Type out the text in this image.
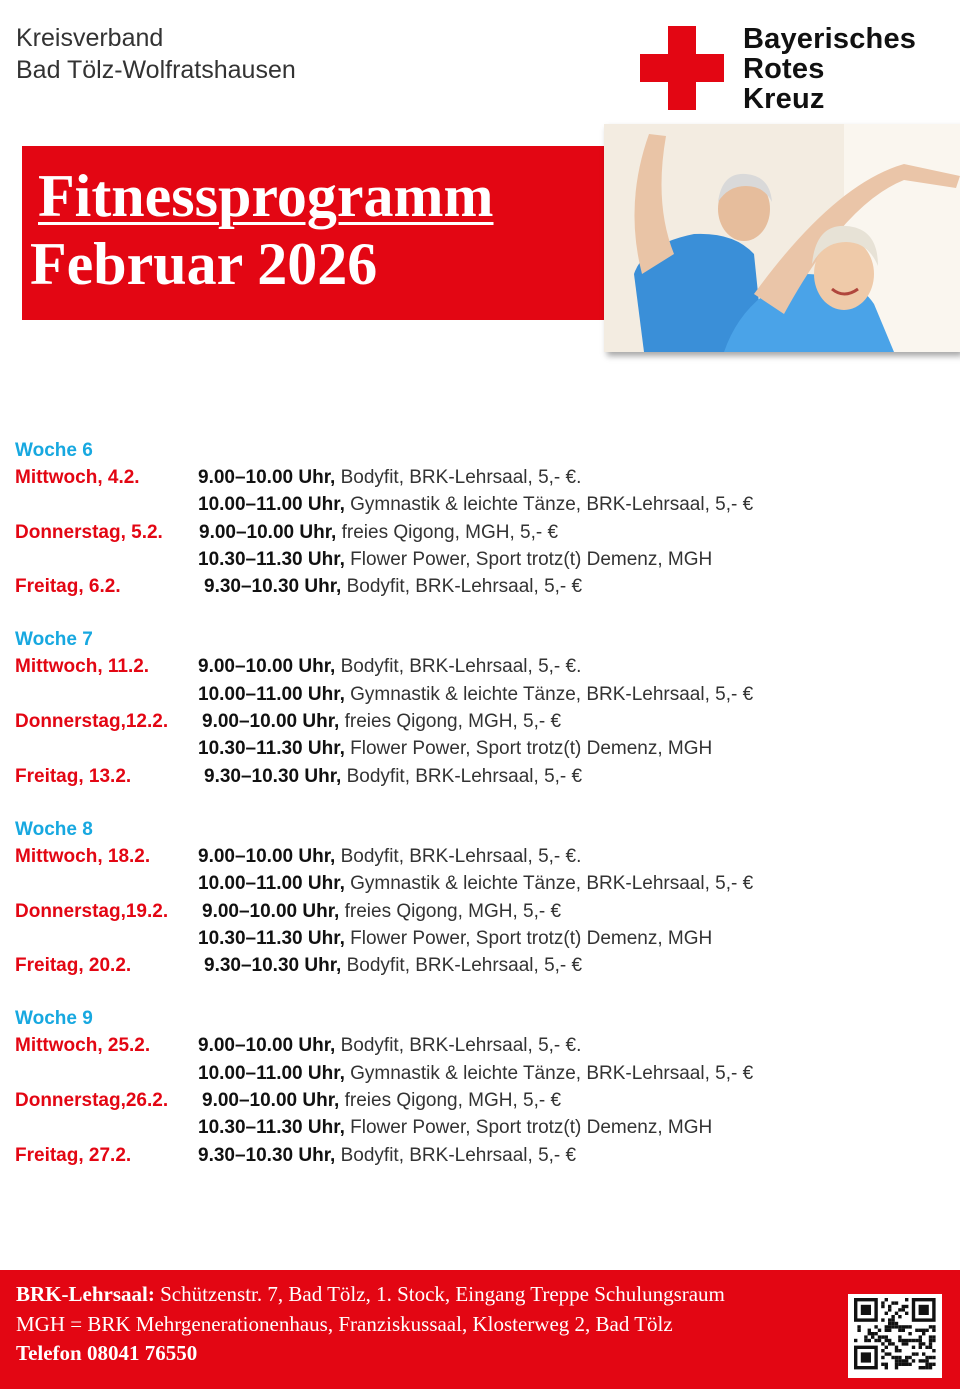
Kreisverband
Bad Tölz-Wolfratshausen
Bayerisches
Rotes
Kreuz
Fitnessprogramm
Februar 2026
Woche 6
Mittwoch, 4.2.	9.00–10.00 Uhr, Bodyfit, BRK-Lehrsaal, 5,- €.
10.00–11.00 Uhr, Gymnastik & leichte Tänze, BRK-Lehrsaal, 5,- €
Donnerstag, 5.2. 9.00–10.00 Uhr, freies Qigong, MGH, 5,- €
10.30–11.30 Uhr, Flower Power, Sport trotz(t) Demenz, MGH
Freitag, 6.2.	9.30–10.30 Uhr, Bodyfit, BRK-Lehrsaal, 5,- €
Woche 7
Mittwoch, 11.2.	9.00–10.00 Uhr, Bodyfit, BRK-Lehrsaal, 5,- €.
10.00–11.00 Uhr, Gymnastik & leichte Tänze, BRK-Lehrsaal, 5,- €
Donnerstag,12.2. 9.00–10.00 Uhr, freies Qigong, MGH, 5,- €
10.30–11.30 Uhr, Flower Power, Sport trotz(t) Demenz, MGH
Freitag, 13.2.	9.30–10.30 Uhr, Bodyfit, BRK-Lehrsaal, 5,- €
Woche 8
Mittwoch, 18.2.	9.00–10.00 Uhr, Bodyfit, BRK-Lehrsaal, 5,- €.
10.00–11.00 Uhr, Gymnastik & leichte Tänze, BRK-Lehrsaal, 5,- €
Donnerstag,19.2. 9.00–10.00 Uhr, freies Qigong, MGH, 5,- €
10.30–11.30 Uhr, Flower Power, Sport trotz(t) Demenz, MGH
Freitag, 20.2.	9.30–10.30 Uhr, Bodyfit, BRK-Lehrsaal, 5,- €
Woche 9
Mittwoch, 25.2.	9.00–10.00 Uhr, Bodyfit, BRK-Lehrsaal, 5,- €.
10.00–11.00 Uhr, Gymnastik & leichte Tänze, BRK-Lehrsaal, 5,- €
Donnerstag,26.2. 9.00–10.00 Uhr, freies Qigong, MGH, 5,- €
10.30–11.30 Uhr, Flower Power, Sport trotz(t) Demenz, MGH
Freitag, 27.2.	9.30–10.30 Uhr, Bodyfit, BRK-Lehrsaal, 5,- €
BRK-Lehrsaal: Schützenstr. 7, Bad Tölz, 1. Stock, Eingang Treppe Schulungsraum
MGH = BRK Mehrgenerationenhaus, Franziskussaal, Klosterweg 2, Bad Tölz
Telefon 08041 76550
